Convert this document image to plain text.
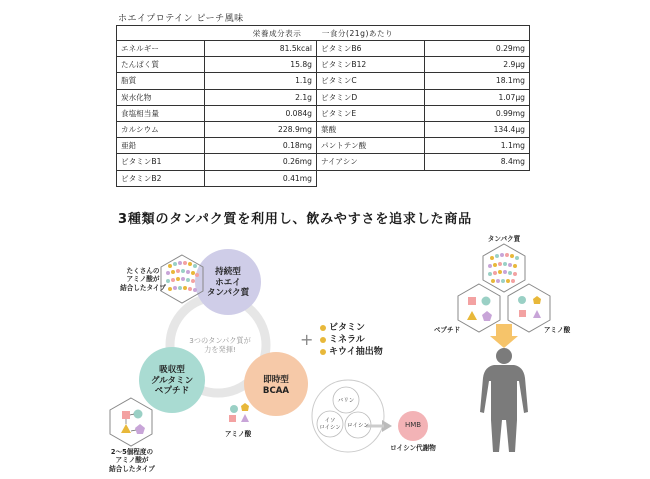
ホエイプロテイン ピーチ風味
栄養成分表示 一食分(21g)あたり			
エネルギー	81.5kcal	ビタミンB6	0.29mg
たんぱく質	15.8g	ビタミンB12	2.9μg
脂質	1.1g	ビタミンC	18.1mg
炭水化物	2.1g	ビタミンD	1.07μg
食塩相当量	0.084g	ビタミンE	0.99mg
カルシウム	228.9mg	葉酸	134.4μg
亜鉛	0.18mg	パントテン酸	1.1mg
ビタミンB1	0.26mg	ナイアシン	8.4mg
ビタミンB2	0.41mg		
3種類のタンパク質を利用し、飲みやすさを追求した商品
+
たくさんの
アミノ酸が
結合したタイプ
持続型
ホエイ
タンパク質
3つのタンパク質が
力を発揮!
吸収型
グルタミン
ペプチド
即時型
BCAA
2～5個程度の
アミノ酸が
結合したタイプ
アミノ酸
ビタミン
ミネラル
キウイ抽出物
バリン
イソ
ロイシン	ロイシン	HMB
ロイシン代謝物
タンパク質
ペプチド	アミノ酸
